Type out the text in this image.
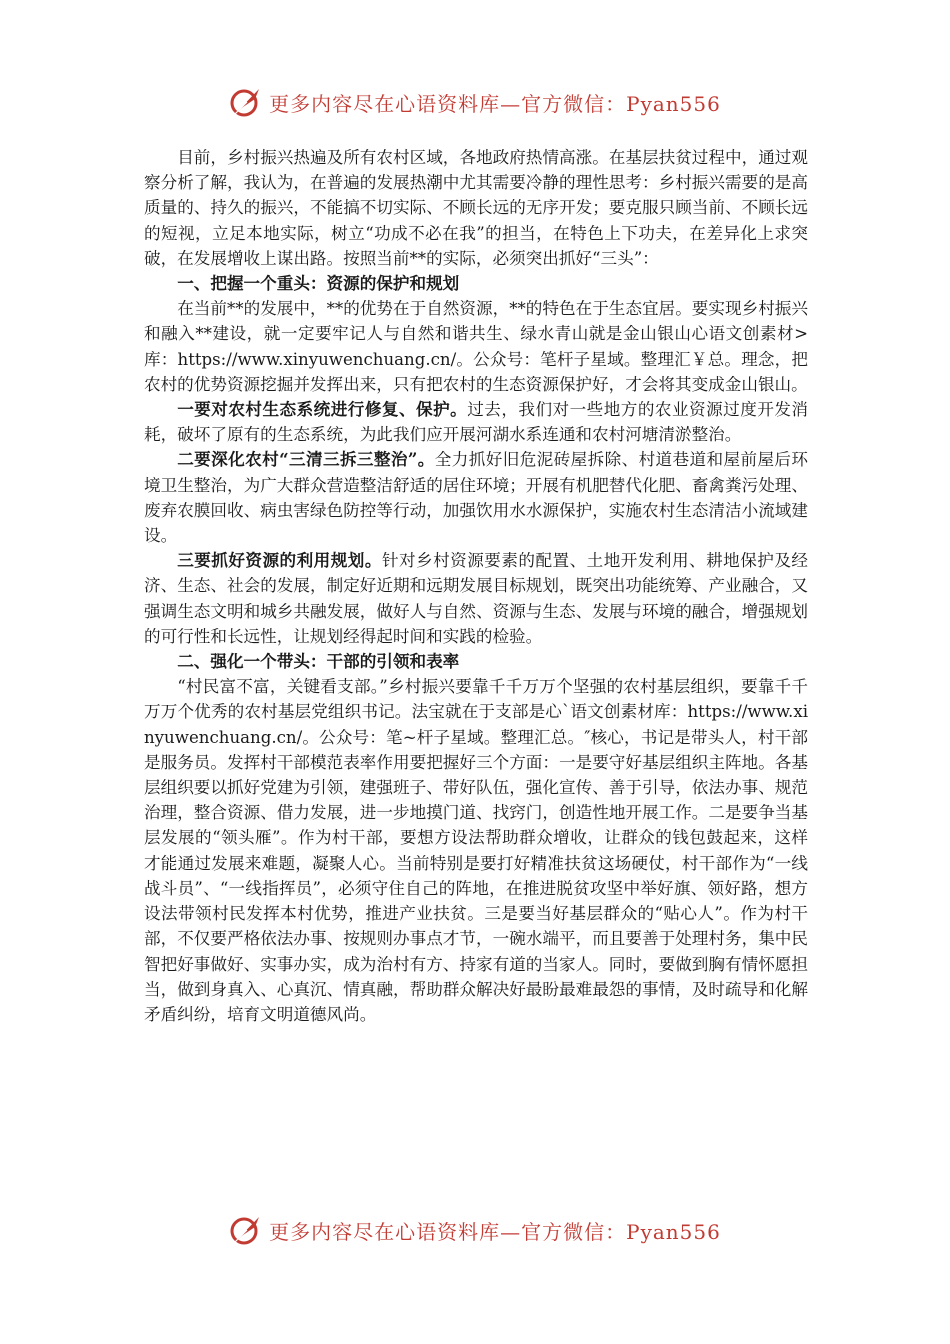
更多内容尽在心语资料库—官方微信：Pyan556

目前，乡村振兴热遍及所有农村区域，各地政府热情高涨。在基层扶贫过程中，通过观察分析了解，我认为，在普遍的发展热潮中尤其需要冷静的理性思考：乡村振兴需要的是高质量的、持久的振兴，不能搞不切实际、不顾长远的无序开发；要克服只顾当前、不顾长远的短视，立足本地实际，树立“功成不必在我”的担当，在特色上下功夫，在差异化上求突破，在发展增收上谋出路。按照当前**的实际，必须突出抓好“三头”：

一、把握一个重头：资源的保护和规划

在当前**的发展中，**的优势在于自然资源，**的特色在于生态宜居。要实现乡村振兴和融入**建设，就一定要牢记人与自然和谐共生、绿水青山就是金山银山心语文创素材>库：https://www.xinyuwenchuang.cn/。公众号：笔杆子星域。整理汇￥总。理念，把农村的优势资源挖掘并发挥出来，只有把农村的生态资源保护好，才会将其变成金山银山。

一要对农村生态系统进行修复、保护。过去，我们对一些地方的农业资源过度开发消耗，破坏了原有的生态系统，为此我们应开展河湖水系连通和农村河塘清淤整治。

二要深化农村“三清三拆三整治”。全力抓好旧危泥砖屋拆除、村道巷道和屋前屋后环境卫生整治，为广大群众营造整洁舒适的居住环境；开展有机肥替代化肥、畜禽粪污处理、废弃农膜回收、病虫害绿色防控等行动，加强饮用水水源保护，实施农村生态清洁小流域建设。

三要抓好资源的利用规划。针对乡村资源要素的配置、土地开发利用、耕地保护及经济、生态、社会的发展，制定好近期和远期发展目标规划，既突出功能统筹、产业融合，又强调生态文明和城乡共融发展，做好人与自然、资源与生态、发展与环境的融合，增强规划的可行性和长远性，让规划经得起时间和实践的检验。

二、强化一个带头：干部的引领和表率

“村民富不富，关键看支部。”乡村振兴要靠千千万万个坚强的农村基层组织，要靠千千万万个优秀的农村基层党组织书记。法宝就在于支部是心`语文创素材库：https://www.xinyuwenchuang.cn/。公众号：笔~杆子星域。整理汇总。″核心，书记是带头人，村干部是服务员。发挥村干部模范表率作用要把握好三个方面：一是要守好基层组织主阵地。各基层组织要以抓好党建为引领，建强班子、带好队伍，强化宣传、善于引导，依法办事、规范治理，整合资源、借力发展，进一步地摸门道、找窍门，创造性地开展工作。二是要争当基层发展的“领头雁”。作为村干部，要想方设法帮助群众增收，让群众的钱包鼓起来，这样才能通过发展来难题，凝聚人心。当前特别是要打好精准扶贫这场硬仗，村干部作为“一线战斗员”、“一线指挥员”，必须守住自己的阵地，在推进脱贫攻坚中举好旗、领好路，想方设法带领村民发挥本村优势，推进产业扶贫。三是要当好基层群众的“贴心人”。作为村干部，不仅要严格依法办事、按规则办事点才节，一碗水端平，而且要善于处理村务，集中民智把好事做好、实事办实，成为治村有方、持家有道的当家人。同时，要做到胸有情怀愿担当，做到身真入、心真沉、情真融，帮助群众解决好最盼最难最怨的事情，及时疏导和化解矛盾纠纷，培育文明道德风尚。

更多内容尽在心语资料库—官方微信：Pyan556
